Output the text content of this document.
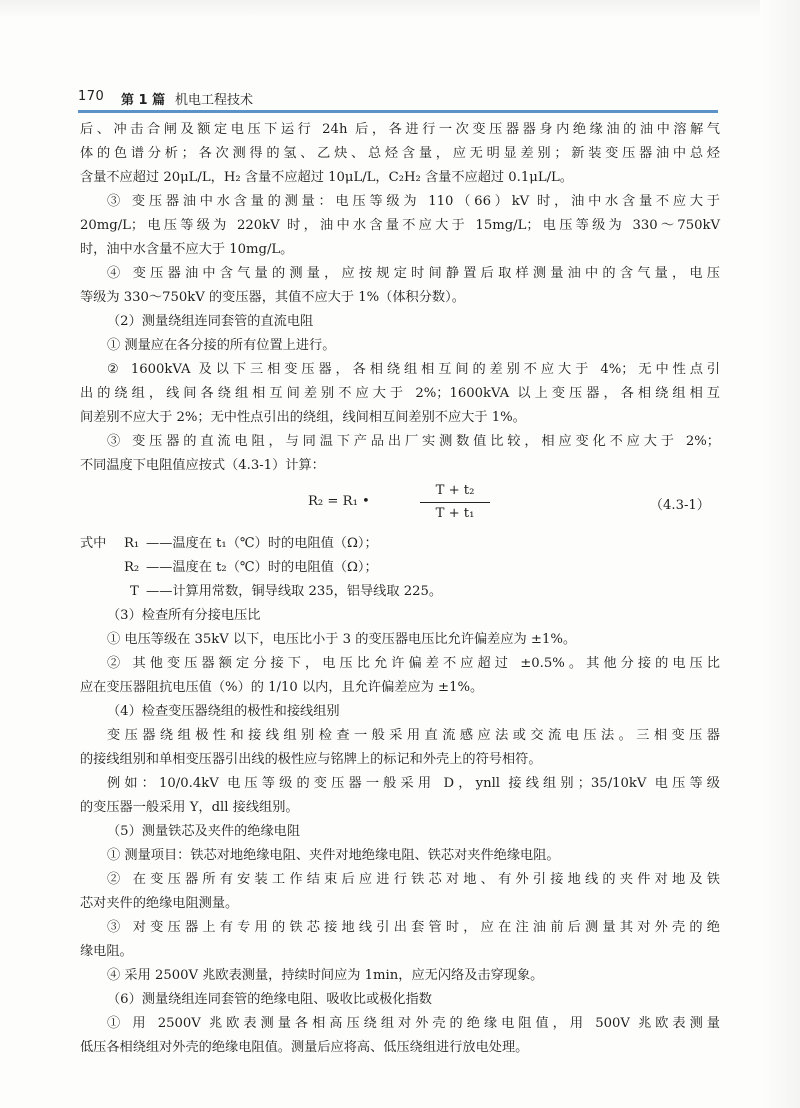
170 第 1 篇 机电工程技术
后、冲击合闸及额定电压下运行 24h 后，各进行一次变压器器身内绝缘油的油中溶解气
体的色谱分析；各次测得的氢、乙炔、总烃含量，应无明显差别；新装变压器油中总烃
含量不应超过 20μL/L，H₂ 含量不应超过 10μL/L，C₂H₂ 含量不应超过 0.1μL/L。
③ 变压器油中水含量的测量：电压等级为 110（66）kV 时，油中水含量不应大于
20mg/L；电压等级为 220kV 时，油中水含量不应大于 15mg/L；电压等级为 330～750kV
时，油中水含量不应大于 10mg/L。
④ 变压器油中含气量的测量，应按规定时间静置后取样测量油中的含气量，电压
等级为 330～750kV 的变压器，其值不应大于 1%（体积分数）。
（2）测量绕组连同套管的直流电阻
① 测量应在各分接的所有位置上进行。
② 1600kVA 及以下三相变压器，各相绕组相互间的差别不应大于 4%；无中性点引
出的绕组，线间各绕组相互间差别不应大于 2%；1600kVA 以上变压器，各相绕组相互
间差别不应大于 2%；无中性点引出的绕组，线间相互间差别不应大于 1%。
③ 变压器的直流电阻，与同温下产品出厂实测数值比较，相应变化不应大于 2%；
不同温度下电阻值应按式（4.3-1）计算：
R₂ = R₁ •
T + t₂
T + t₁
（4.3-1）
式中 R₁ ——温度在 t₁（℃）时的电阻值（Ω）；
R₂ ——温度在 t₂（℃）时的电阻值（Ω）；
T ——计算用常数，铜导线取 235，铝导线取 225。
（3）检查所有分接电压比
① 电压等级在 35kV 以下，电压比小于 3 的变压器电压比允许偏差应为 ±1%。
② 其他变压器额定分接下，电压比允许偏差不应超过 ±0.5%。其他分接的电压比
应在变压器阻抗电压值（%）的 1/10 以内，且允许偏差应为 ±1%。
（4）检查变压器绕组的极性和接线组别
变压器绕组极性和接线组别检查一般采用直流感应法或交流电压法。三相变压器
的接线组别和单相变压器引出线的极性应与铭牌上的标记和外壳上的符号相符。
例如：10/0.4kV 电压等级的变压器一般采用 D，ynll 接线组别；35/10kV 电压等级
的变压器一般采用 Y，dll 接线组别。
（5）测量铁芯及夹件的绝缘电阻
① 测量项目：铁芯对地绝缘电阻、夹件对地绝缘电阻、铁芯对夹件绝缘电阻。
② 在变压器所有安装工作结束后应进行铁芯对地、有外引接地线的夹件对地及铁
芯对夹件的绝缘电阻测量。
③ 对变压器上有专用的铁芯接地线引出套管时，应在注油前后测量其对外壳的绝
缘电阻。
④ 采用 2500V 兆欧表测量，持续时间应为 1min，应无闪络及击穿现象。
（6）测量绕组连同套管的绝缘电阻、吸收比或极化指数
① 用 2500V 兆欧表测量各相高压绕组对外壳的绝缘电阻值，用 500V 兆欧表测量
低压各相绕组对外壳的绝缘电阻值。测量后应将高、低压绕组进行放电处理。
